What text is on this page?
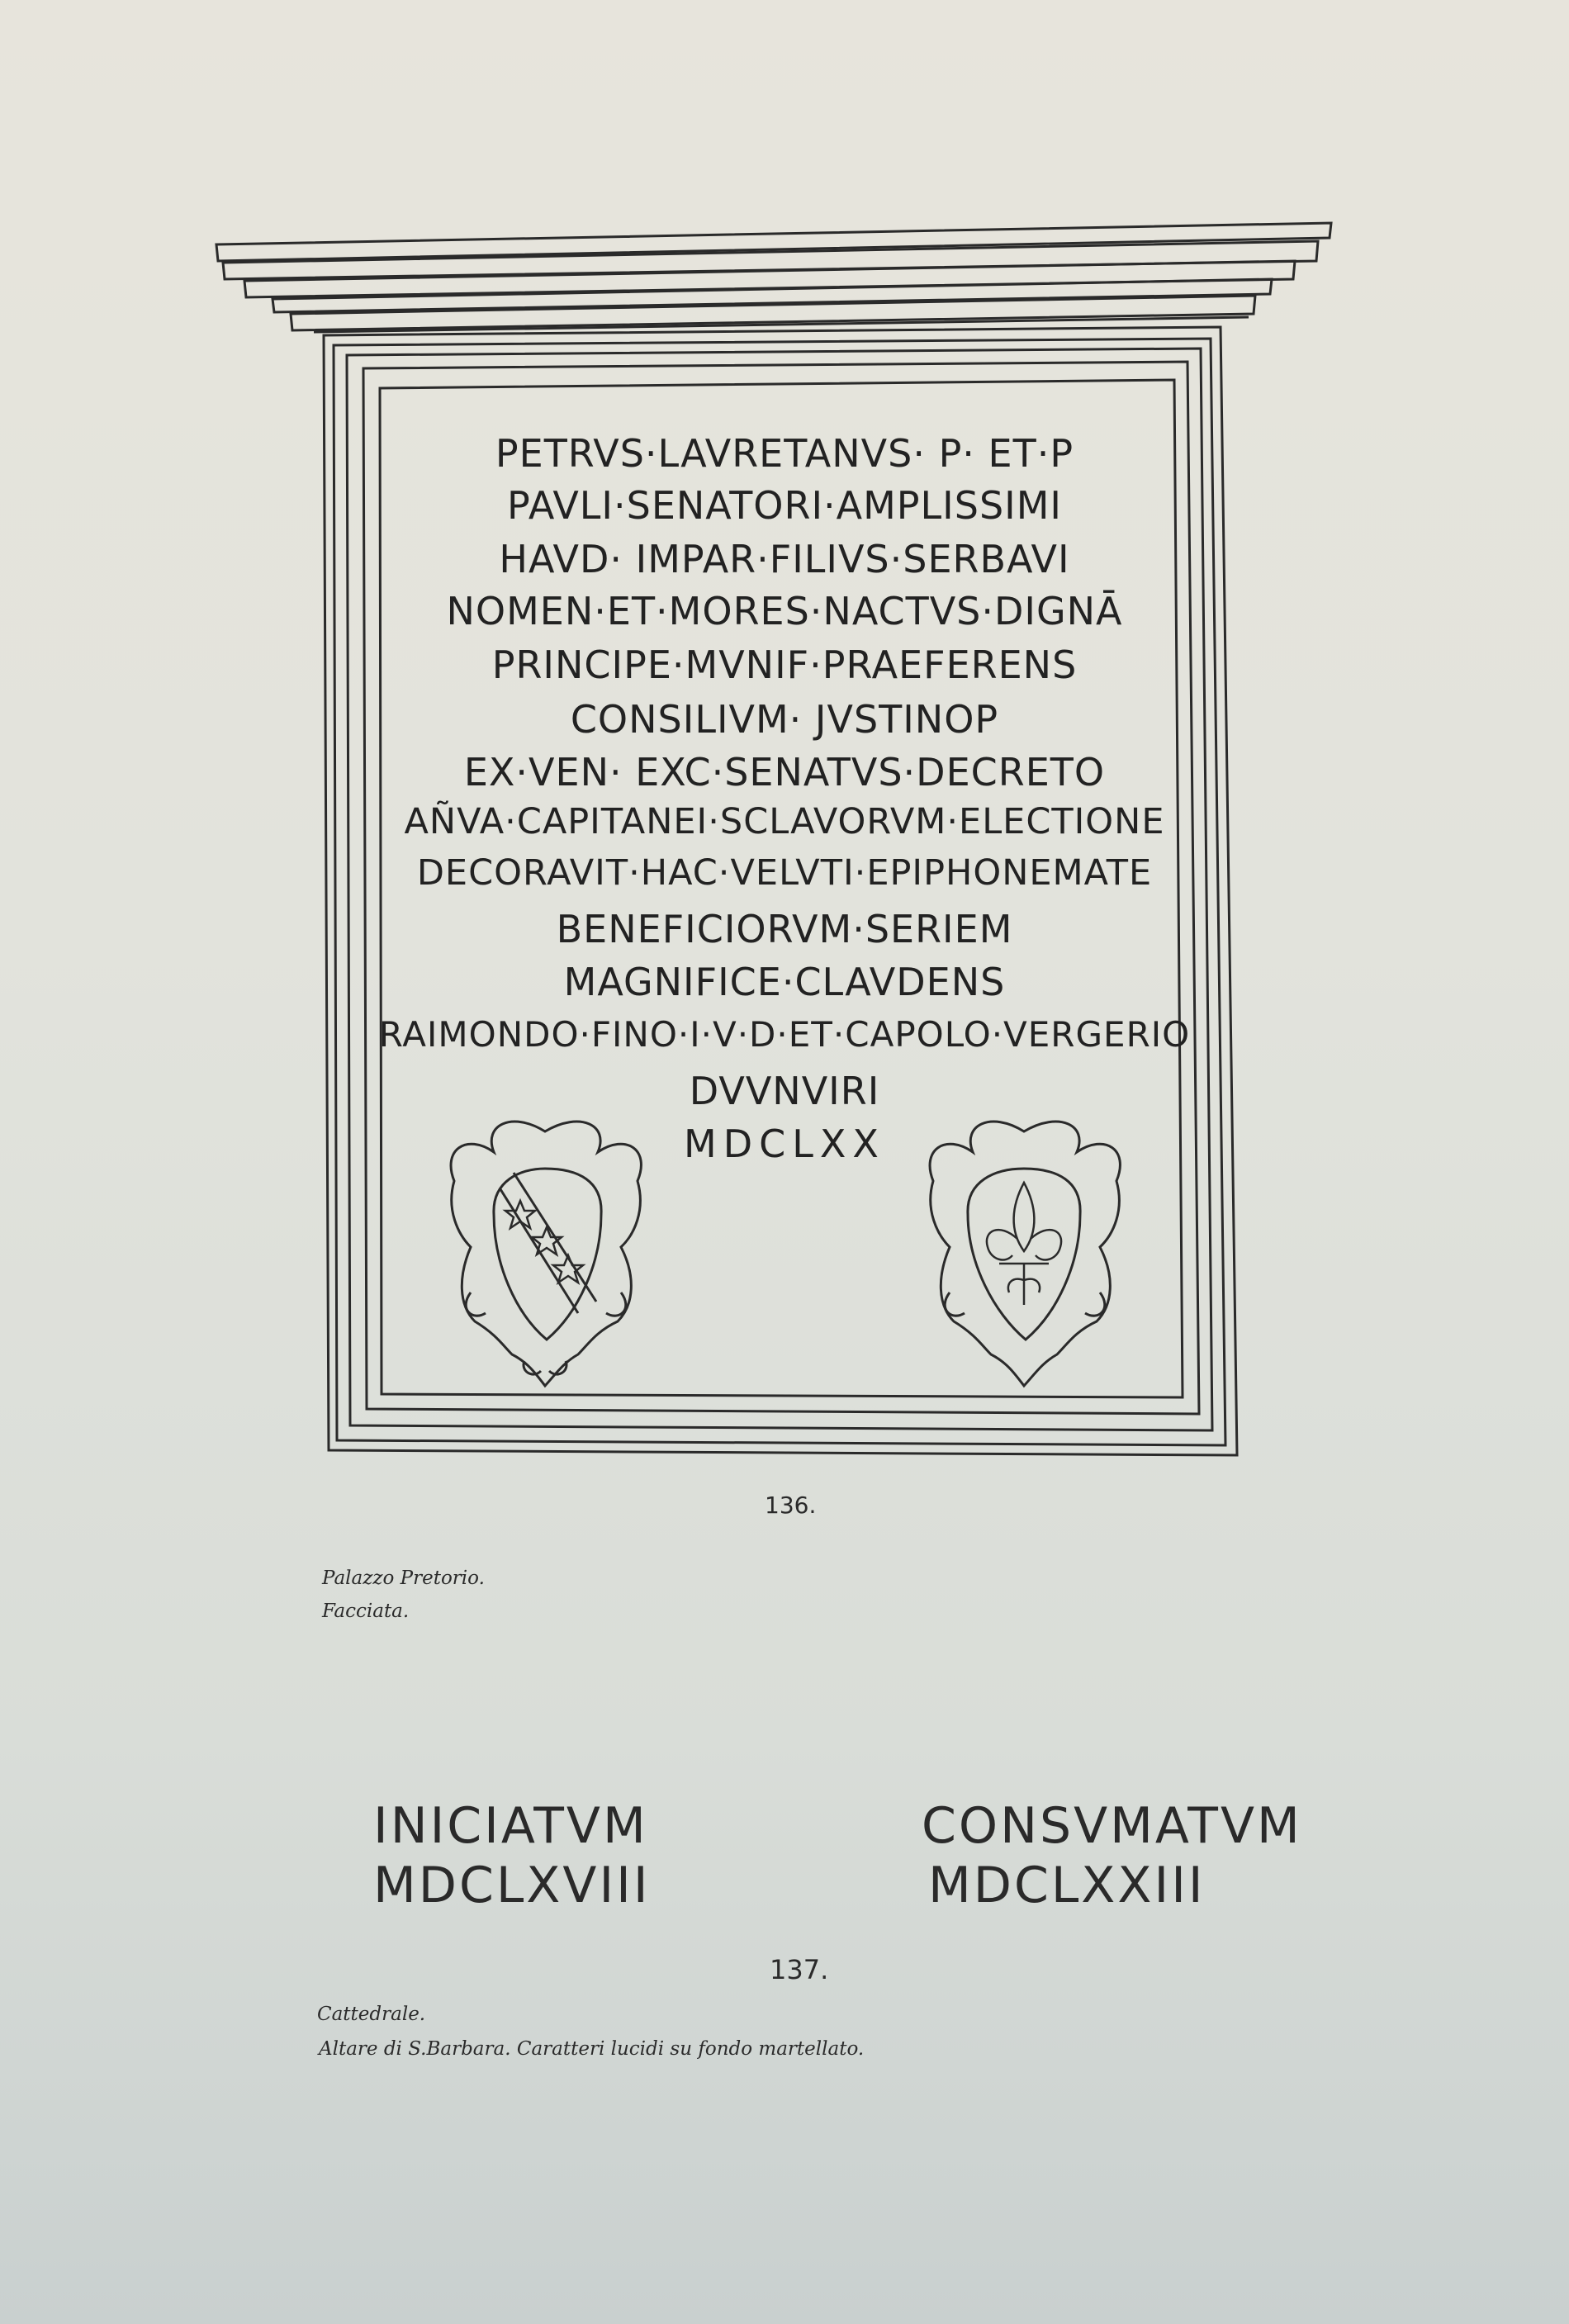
PETRVS·LAVRETANVS· P· ET·P
PAVLI·SENATORI·AMPLISSIMI
HAVD· IMPAR·FILIVS·SERBAVI
NOMEN·ET·MORES·NACTVS·DIGNĀ
PRINCIPE·MVNIF·PRAEFERENS
CONSILIVM· JVSTINOP
EX·VEN· EXC·SENATVS·DECRETO
AÑVA·CAPITANEI·SCLAVORVM·ELECTIONE
DECORAVIT·HAC·VELVTI·EPIPHONEMATE
BENEFICIORVM·SERIEM
MAGNIFICE·CLAVDENS
RAIMONDO·FINO·I·V·D·ET·CAPOLO·VERGERIO
DVVNVIRI
MDCLXX
136.
Palazzo Pretorio.
Facciata.
INICIATVM
MDCLXVIII
CONSVMATVM
MDCLXXIII
137.
Cattedrale.
Altare di S.Barbara. Caratteri lucidi su fondo martellato.
